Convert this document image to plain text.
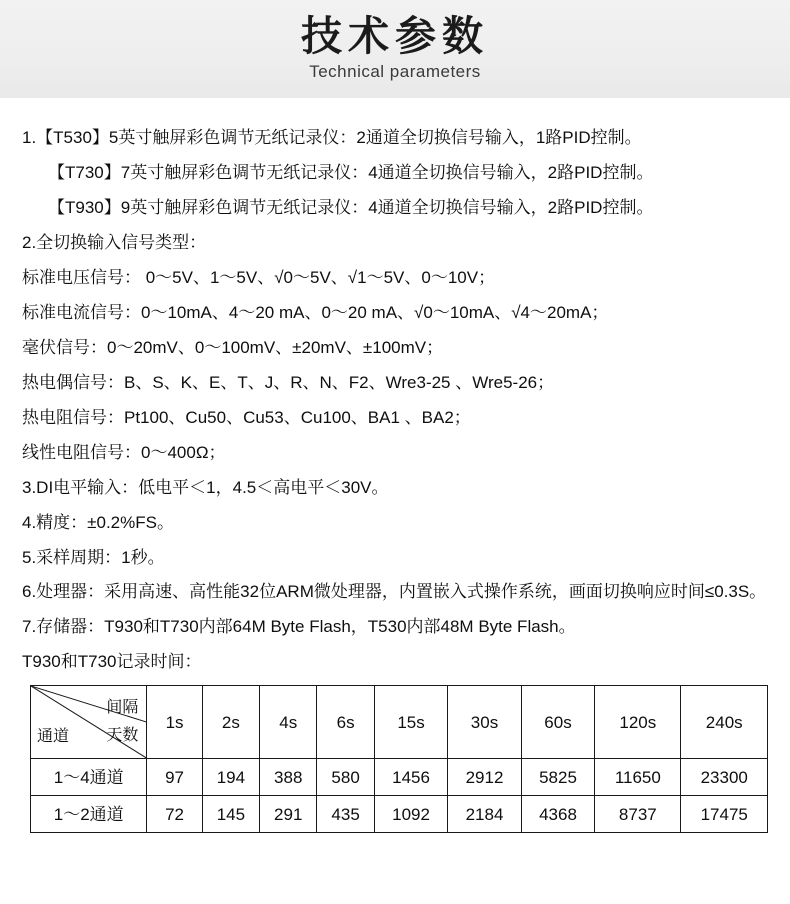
技术参数
Technical parameters
1.【T530】5英寸触屏彩色调节无纸记录仪：2通道全切换信号输入，1路PID控制。
【T730】7英寸触屏彩色调节无纸记录仪：4通道全切换信号输入，2路PID控制。
【T930】9英寸触屏彩色调节无纸记录仪：4通道全切换信号输入，2路PID控制。
2.全切换输入信号类型：
标准电压信号： 0～5V、1～5V、√0～5V、√1～5V、0～10V；
标准电流信号：0～10mA、4～20 mA、0～20 mA、√0～10mA、√4～20mA；
毫伏信号：0～20mV、0～100mV、±20mV、±100mV；
热电偶信号：B、S、K、E、T、J、R、N、F2、Wre3-25 、Wre5-26；
热电阻信号：Pt100、Cu50、Cu53、Cu100、BA1 、BA2；
线性电阻信号：0～400Ω；
3.DI电平输入：低电平＜1，4.5＜高电平＜30V。
4.精度：±0.2%FS。
5.采样周期：1秒。
6.处理器：采用高速、高性能32位ARM微处理器，内置嵌入式操作系统，画面切换响应时间≤0.3S。
7.存储器：T930和T730内部64M Byte Flash，T530内部48M Byte Flash。
T930和T730记录时间：
间隔
通道 天数	1s	2s	4s	6s	15s	30s	60s	120s	240s
1～4通道	97	194	388	580	1456	2912	5825	11650	23300
1～2通道	72	145	291	435	1092	2184	4368	8737	17475
